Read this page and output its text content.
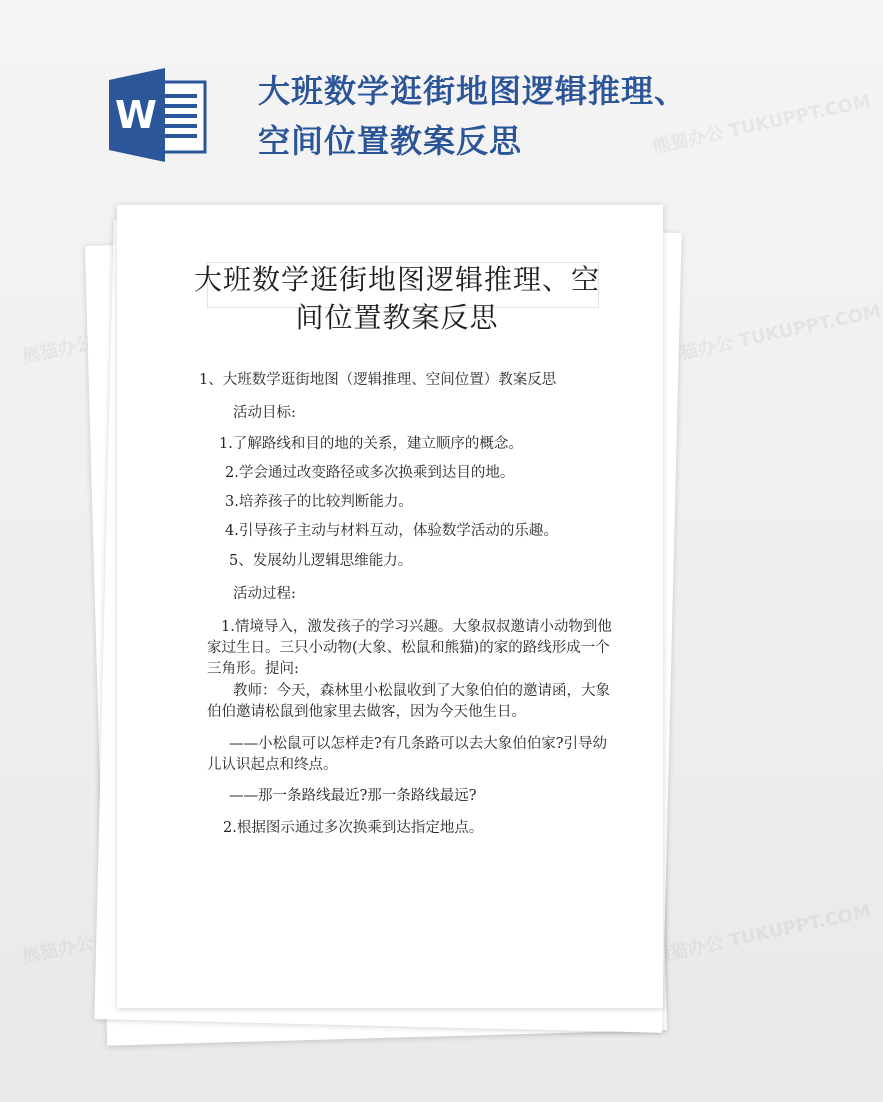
W
大班数学逛街地图逻辑推理、
空间位置教案反思
熊猫办公	熊猫办公 TUKUPPT.COM
熊猫办公 TUKUPPT.COM
熊猫办公	熊猫办公 TUKUPPT.COM
大班数学逛街地图逻辑推理、空
间位置教案反思

1、大班数学逛街地图（逻辑推理、空间位置）教案反思

活动目标:

1.了解路线和目的地的关系，建立顺序的概念。

2.学会通过改变路径或多次换乘到达目的地。

3.培养孩子的比较判断能力。

4.引导孩子主动与材料互动，体验数学活动的乐趣。

5、发展幼儿逻辑思维能力。

活动过程:

1.情境导入，激发孩子的学习兴趣。大象叔叔邀请小动物到他家过生日。三只小动物(大象、松鼠和熊猫)的家的路线形成一个三角形。提问:

教师：今天，森林里小松鼠收到了大象伯伯的邀请函，大象伯伯邀请松鼠到他家里去做客，因为今天他生日。

——小松鼠可以怎样走?有几条路可以去大象伯伯家?引导幼儿认识起点和终点。

——那一条路线最近?那一条路线最远?

2.根据图示通过多次换乘到达指定地点。
